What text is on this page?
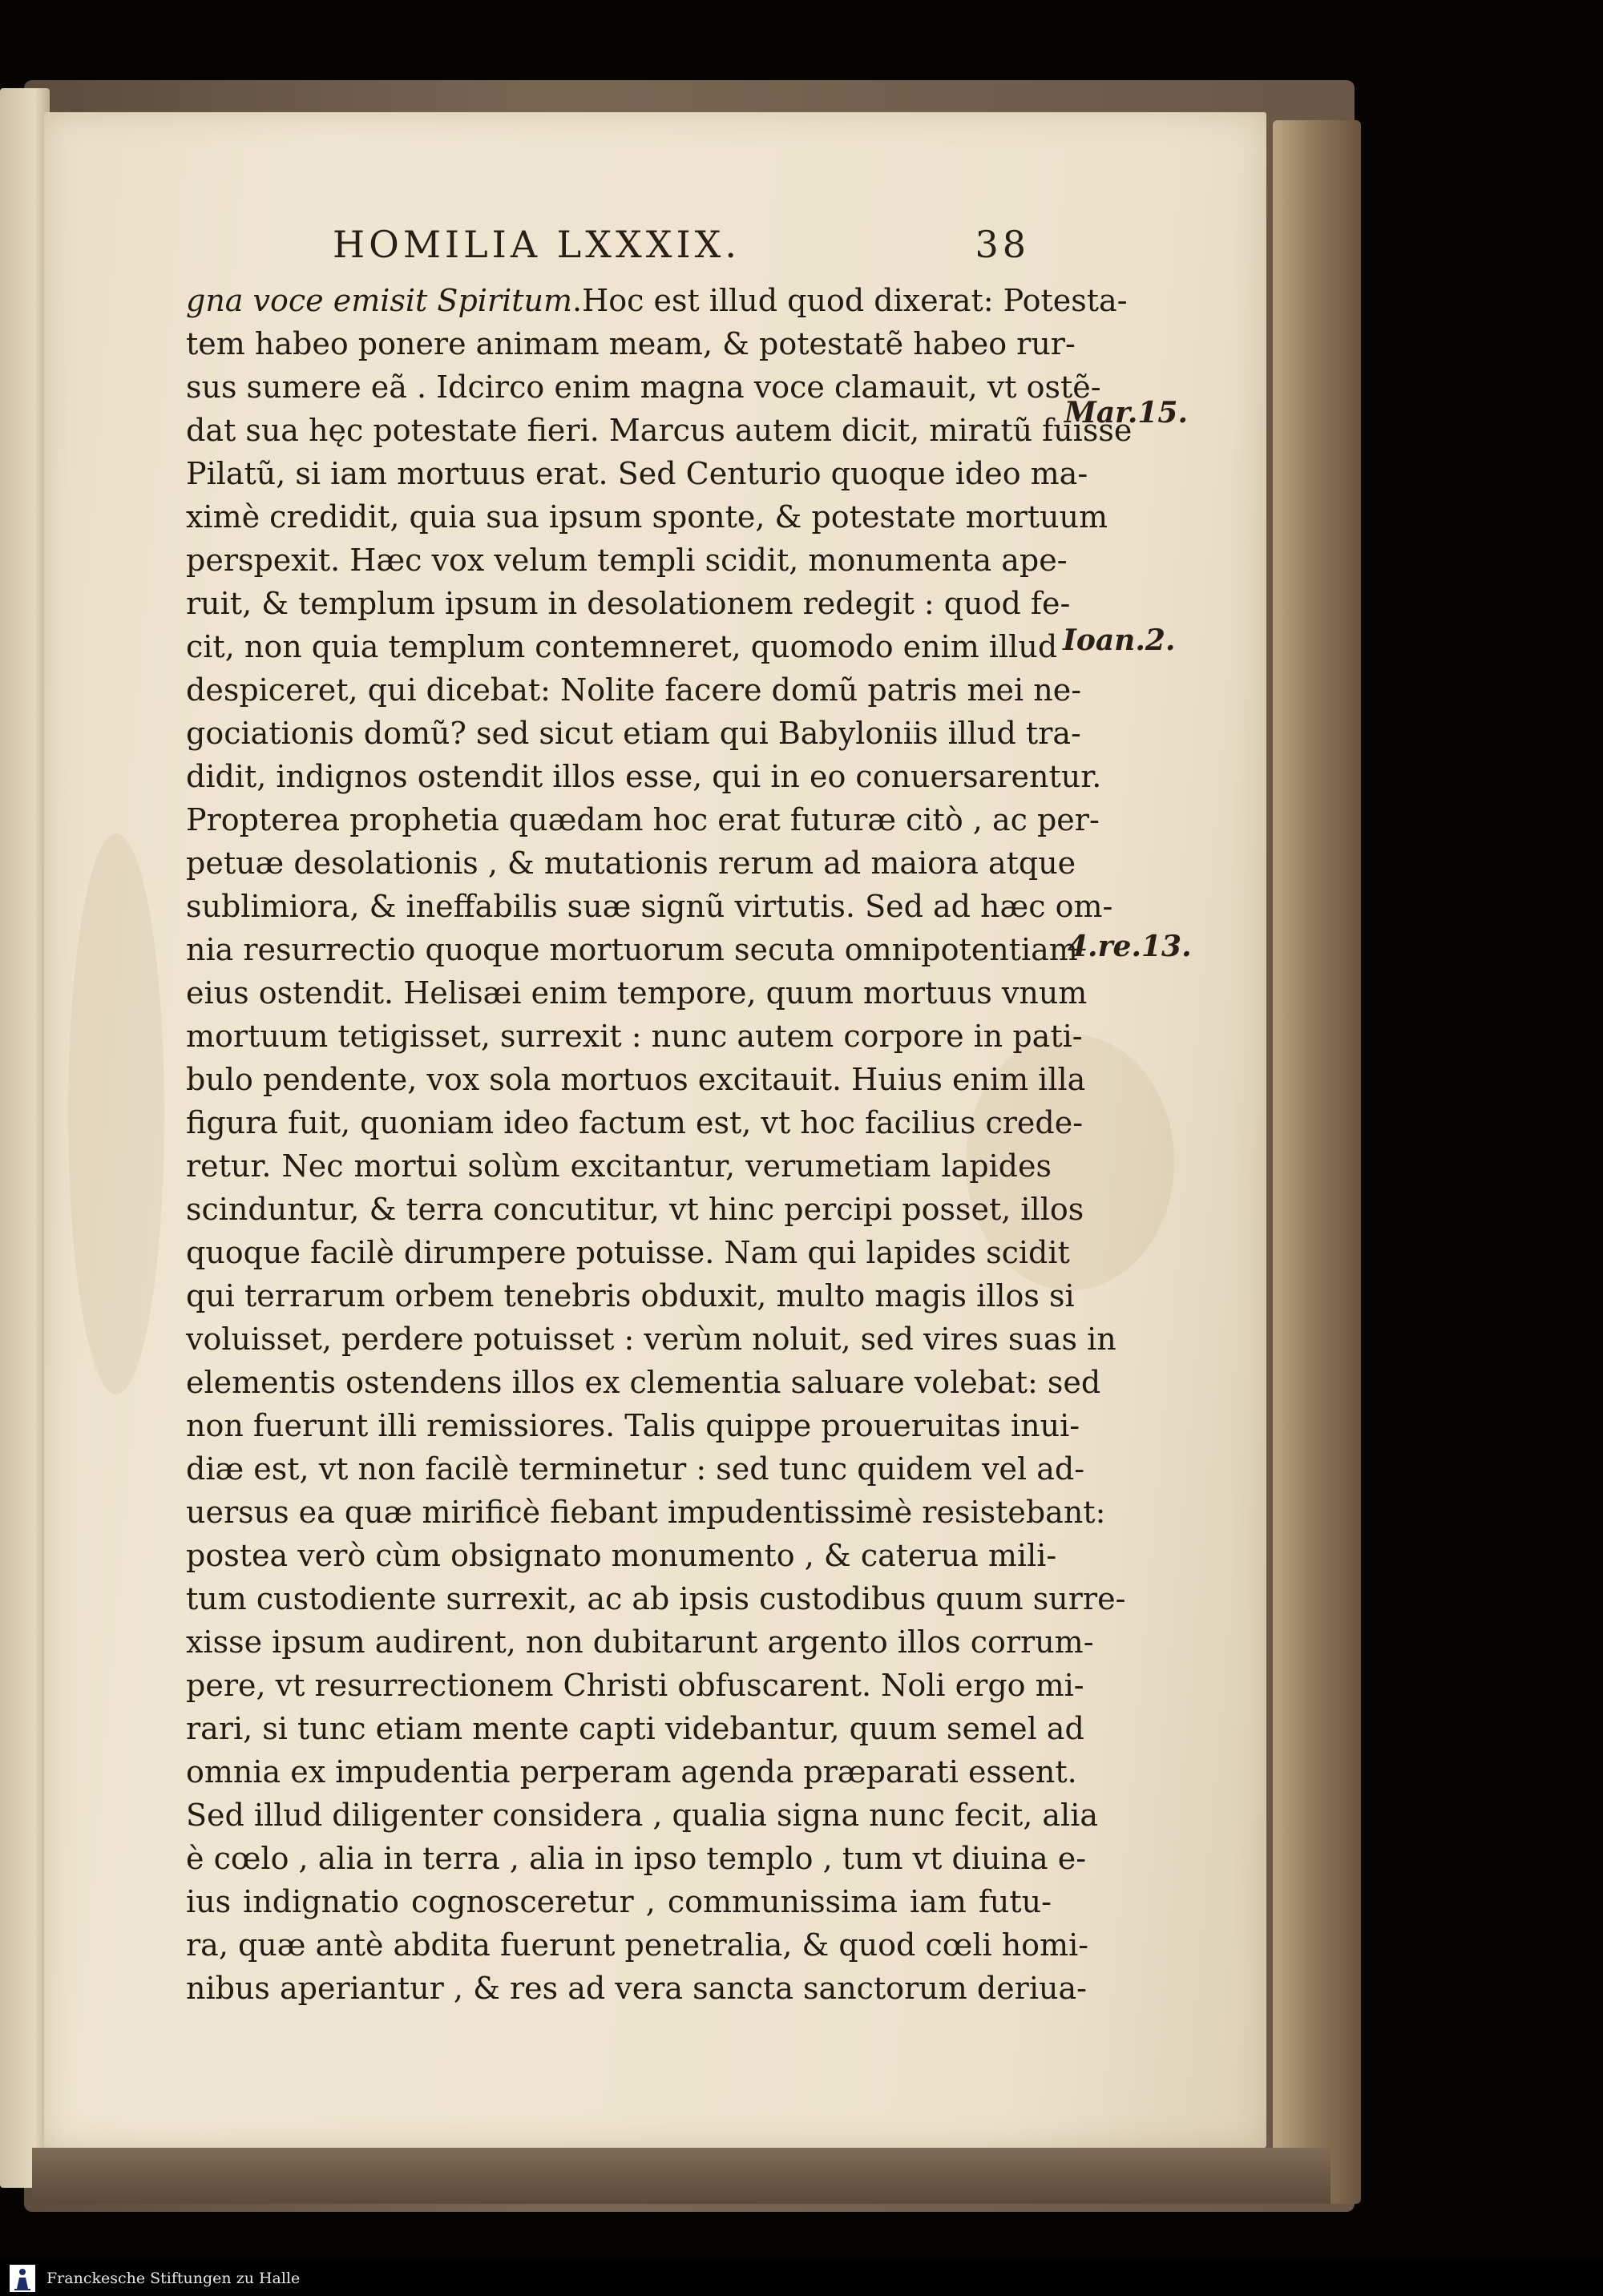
HOMILIA LXXXIX.	38
gna voce emisit Spiritum.Hoc est illud quod dixerat: Potesta-
tem habeo ponere animam meam, & potestatẽ habeo rur-
sus sumere eã . Idcirco enim magna voce clamauit, vt ostẽ-
dat sua hęc potestate fieri. Marcus autem dicit, miratũ fuisse
Pilatũ, si iam mortuus erat. Sed Centurio quoque ideo ma-
ximè credidit, quia sua ipsum sponte, & potestate mortuum
perspexit. Hæc vox velum templi scidit, monumenta ape-
ruit, & templum ipsum in desolationem redegit : quod fe-
cit, non quia templum contemneret, quomodo enim illud
despiceret, qui dicebat: Nolite facere domũ patris mei ne-
gociationis domũ? sed sicut etiam qui Babyloniis illud tra-
didit, indignos ostendit illos esse, qui in eo conuersarentur.
Propterea prophetia quædam hoc erat futuræ citò , ac per-
petuæ desolationis , & mutationis rerum ad maiora atque
sublimiora, & ineffabilis suæ signũ virtutis. Sed ad hæc om-
nia resurrectio quoque mortuorum secuta omnipotentiam
eius ostendit. Helisæi enim tempore, quum mortuus vnum
mortuum tetigisset, surrexit : nunc autem corpore in pati-
bulo pendente, vox sola mortuos excitauit. Huius enim illa
figura fuit, quoniam ideo factum est, vt hoc facilius crede-
retur. Nec mortui solùm excitantur, verumetiam lapides
scinduntur, & terra concutitur, vt hinc percipi posset, illos
quoque facilè dirumpere potuisse. Nam qui lapides scidit
qui terrarum orbem tenebris obduxit, multo magis illos si
voluisset, perdere potuisset : verùm noluit, sed vires suas in
elementis ostendens illos ex clementia saluare volebat: sed
non fuerunt illi remissiores. Talis quippe proueruitas inui-
diæ est, vt non facilè terminetur : sed tunc quidem vel ad-
uersus ea quæ mirificè fiebant impudentissimè resistebant:
postea verò cùm obsignato monumento , & caterua mili-
tum custodiente surrexit, ac ab ipsis custodibus quum surre-
xisse ipsum audirent, non dubitarunt argento illos corrum-
pere, vt resurrectionem Christi obfuscarent. Noli ergo mi-
rari, si tunc etiam mente capti videbantur, quum semel ad
omnia ex impudentia perperam agenda præparati essent.
Sed illud diligenter considera , qualia signa nunc fecit, alia
è cœlo , alia in terra , alia in ipso templo , tum vt diuina e-
ius indignatio cognosceretur , communissima iam futu-
ra, quæ antè abdita fuerunt penetralia, & quod cœli homi-
nibus aperiantur , & res ad vera sancta sanctorum deriua-
Mar.15.
Ioan.2.
4.re.13.
Franckesche Stiftungen zu Halle
